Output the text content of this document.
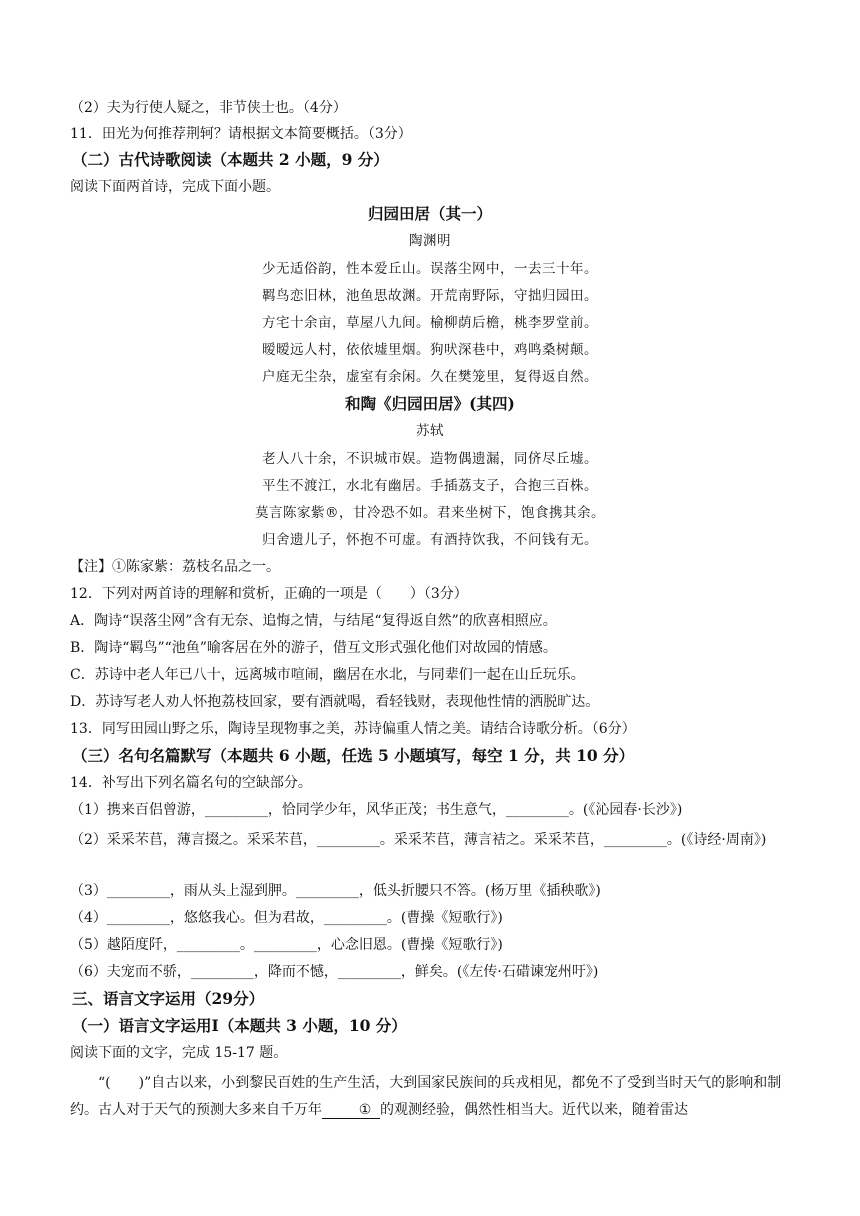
（2）夫为行使人疑之，非节侠士也。（4分）
11．田光为何推荐荆轲？请根据文本简要概括。（3分）
（二）古代诗歌阅读（本题共 2 小题，9 分）
阅读下面两首诗，完成下面小题。
归园田居（其一）
陶渊明
少无适俗韵，性本爱丘山。误落尘网中，一去三十年。
羁鸟恋旧林，池鱼思故渊。开荒南野际，守拙归园田。
方宅十余亩，草屋八九间。榆柳荫后檐，桃李罗堂前。
暧暧远人村，依依墟里烟。狗吠深巷中，鸡鸣桑树颠。
户庭无尘杂，虚室有余闲。久在樊笼里，复得返自然。
和陶《归园田居》(其四)
苏轼
老人八十余，不识城市娱。造物偶遗漏，同侪尽丘墟。
平生不渡江，水北有幽居。手插荔支子，合抱三百株。
莫言陈家紫®，甘冷恐不如。君来坐树下，饱食携其余。
归舍遗儿子，怀抱不可虚。有酒持饮我，不问钱有无。
【注】①陈家紫：荔枝名品之一。
12．下列对两首诗的理解和赏析，正确的一项是（　　）（3分）
A．陶诗“误落尘网”含有无奈、追悔之情，与结尾“复得返自然”的欣喜相照应。
B．陶诗“羁鸟”“池鱼”喻客居在外的游子，借互文形式强化他们对故园的情感。
C．苏诗中老人年已八十，远离城市喧闹，幽居在水北，与同辈们一起在山丘玩乐。
D．苏诗写老人劝人怀抱荔枝回家，要有酒就喝，看轻钱财，表现他性情的洒脱旷达。
13．同写田园山野之乐，陶诗呈现物事之美，苏诗偏重人情之美。请结合诗歌分析。（6分）
（三）名句名篇默写（本题共 6 小题，任选 5 小题填写，每空 1 分，共 10 分）
14．补写出下列名篇名句的空缺部分。
（1）携来百侣曾游，_________，恰同学少年，风华正茂；书生意气，_________。(《沁园春·长沙》)
（2）采采芣苢，薄言掇之。采采芣苢，_________。采采芣苢，薄言袺之。采采芣苢，_________。(《诗经·周南》)
（3）_________，雨从头上湿到胛。_________，低头折腰只不答。(杨万里《插秧歌》)
（4）_________，悠悠我心。但为君故，_________。(曹操《短歌行》)
（5）越陌度阡，_________。_________，心念旧恩。(曹操《短歌行》)
（6）夫宠而不骄，_________，降而不憾，_________，鲜矣。(《左传·石碏谏宠州吁》)
三、语言文字运用（29分）
（一）语言文字运用Ⅰ（本题共 3 小题，10 分）
阅读下面的文字，完成 15-17 题。
“(　　)”自古以来，小到黎民百姓的生产生活，大到国家民族间的兵戎相见，都免不了受到当时天气的影响和制约。古人对于天气的预测大多来自千万年	① 的观测经验，偶然性相当大。近代以来，随着雷达
